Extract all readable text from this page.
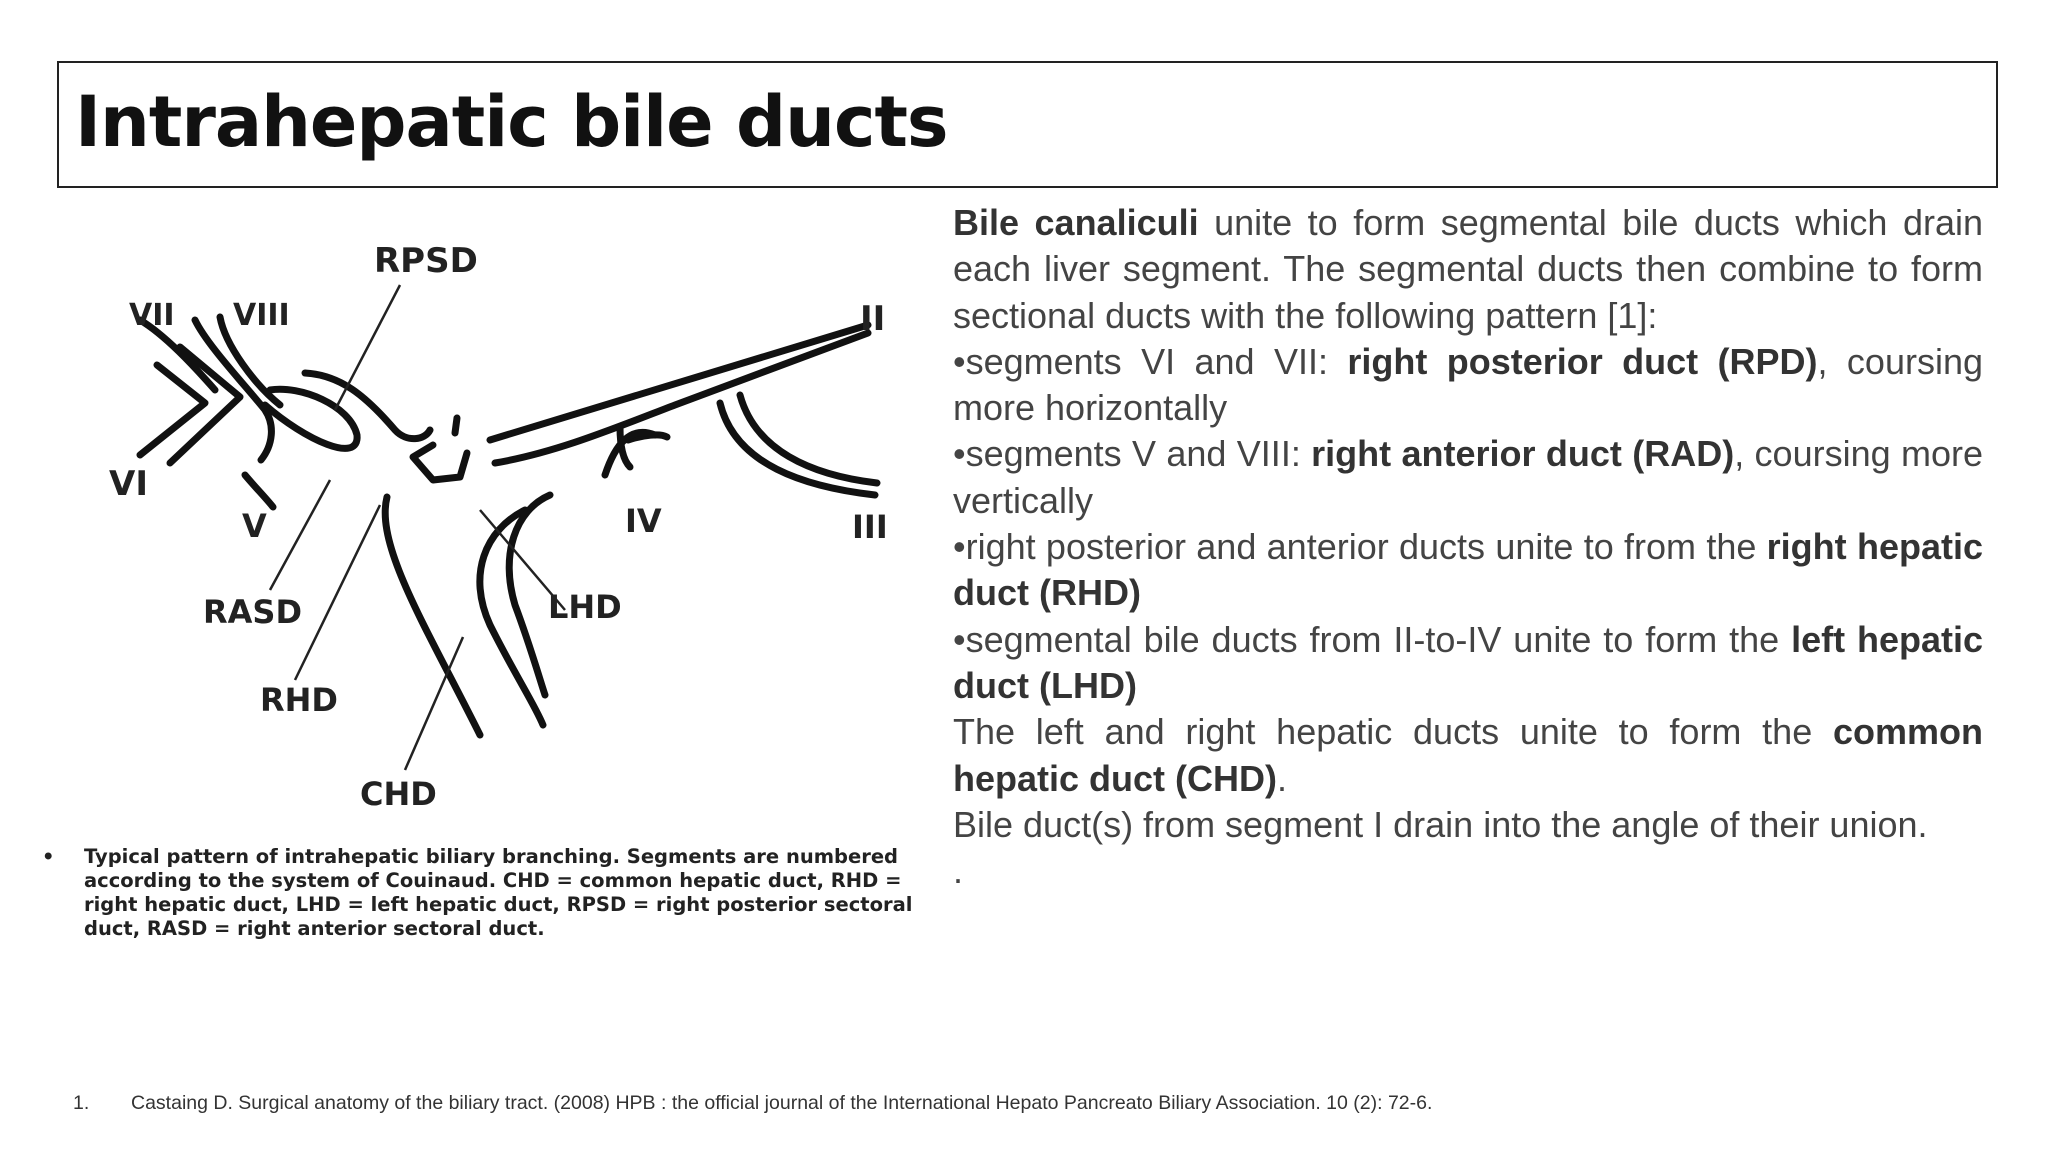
Intrahepatic bile ducts
RPSD
VII VIII	II
VI
V	IV	III
RASD	LHD
RHD
CHD
•	Typical pattern of intrahepatic biliary branching. Segments are numbered according to the system of Couinaud. CHD = common hepatic duct, RHD = right hepatic duct, LHD = left hepatic duct, RPSD = right posterior sectoral duct, RASD = right anterior sectoral duct.

Bile canaliculi unite to form segmental bile ducts which drain each liver segment. The segmental ducts then combine to form sectional ducts with the following pattern [1]:

•segments VI and VII: right posterior duct (RPD), coursing more horizontally

•segments V and VIII: right anterior duct (RAD), coursing more vertically

•right posterior and anterior ducts unite to from the right hepatic duct (RHD)

•segmental bile ducts from II-to-IV unite to form the left hepatic duct (LHD)

The left and right hepatic ducts unite to form the common hepatic duct (CHD).

Bile duct(s) from segment I drain into the angle of their union.

.

1.	Castaing D. Surgical anatomy of the biliary tract. (2008) HPB : the official journal of the International Hepato Pancreato Biliary Association. 10 (2): 72-6.
